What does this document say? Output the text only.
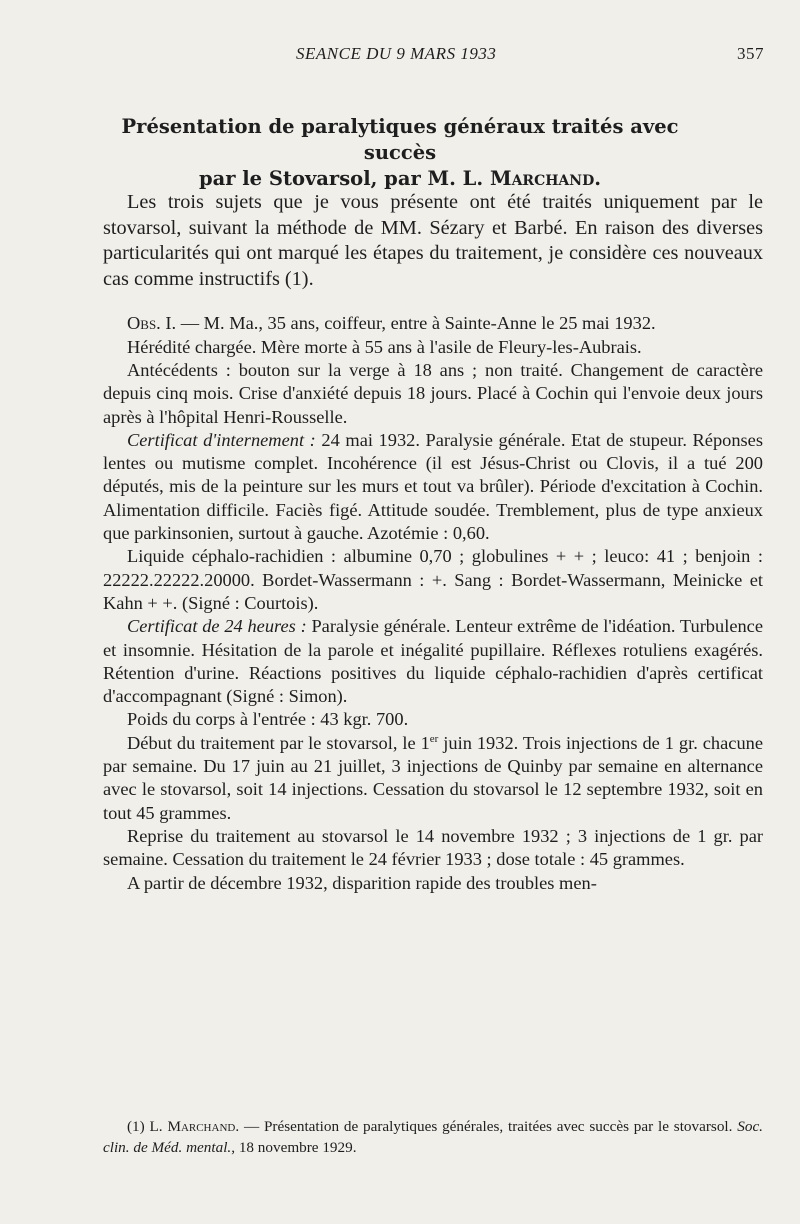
SEANCE DU 9 MARS 1933	357
Présentation de paralytiques généraux traités avec succès
par le Stovarsol, par M. L. Marchand.

Les trois sujets que je vous présente ont été traités uniquement par le stovarsol, suivant la méthode de MM. Sézary et Barbé. En raison des diverses particularités qui ont marqué les étapes du traitement, je considère ces nouveaux cas comme instructifs (1).

Obs. I. — M. Ma., 35 ans, coiffeur, entre à Sainte-Anne le 25 mai 1932.

Hérédité chargée. Mère morte à 55 ans à l'asile de Fleury-les-Aubrais.

Antécédents : bouton sur la verge à 18 ans ; non traité. Changement de caractère depuis cinq mois. Crise d'anxiété depuis 18 jours. Placé à Cochin qui l'envoie deux jours après à l'hôpital Henri-Rousselle.

Certificat d'internement : 24 mai 1932. Paralysie générale. Etat de stupeur. Réponses lentes ou mutisme complet. Incohérence (il est Jésus-Christ ou Clovis, il a tué 200 députés, mis de la peinture sur les murs et tout va brûler). Période d'excitation à Cochin. Alimentation difficile. Faciès figé. Attitude soudée. Tremblement, plus de type anxieux que parkinsonien, surtout à gauche. Azotémie : 0,60.

Liquide céphalo-rachidien : albumine 0,70 ; globulines + + ; leuco: 41 ; benjoin : 22222.22222.20000. Bordet-Wassermann : +. Sang : Bordet-Wassermann, Meinicke et Kahn + +. (Signé : Courtois).

Certificat de 24 heures : Paralysie générale. Lenteur extrême de l'idéation. Turbulence et insomnie. Hésitation de la parole et inégalité pupillaire. Réflexes rotuliens exagérés. Rétention d'urine. Réactions positives du liquide céphalo-rachidien d'après certificat d'accompagnant (Signé : Simon).

Poids du corps à l'entrée : 43 kgr. 700.

Début du traitement par le stovarsol, le 1er juin 1932. Trois injections de 1 gr. chacune par semaine. Du 17 juin au 21 juillet, 3 injections de Quinby par semaine en alternance avec le stovarsol, soit 14 injections. Cessation du stovarsol le 12 septembre 1932, soit en tout 45 grammes.

Reprise du traitement au stovarsol le 14 novembre 1932 ; 3 injections de 1 gr. par semaine. Cessation du traitement le 24 février 1933 ; dose totale : 45 grammes.

A partir de décembre 1932, disparition rapide des troubles men-

(1) L. Marchand. — Présentation de paralytiques générales, traitées avec succès par le stovarsol. Soc. clin. de Méd. mental., 18 novembre 1929.
